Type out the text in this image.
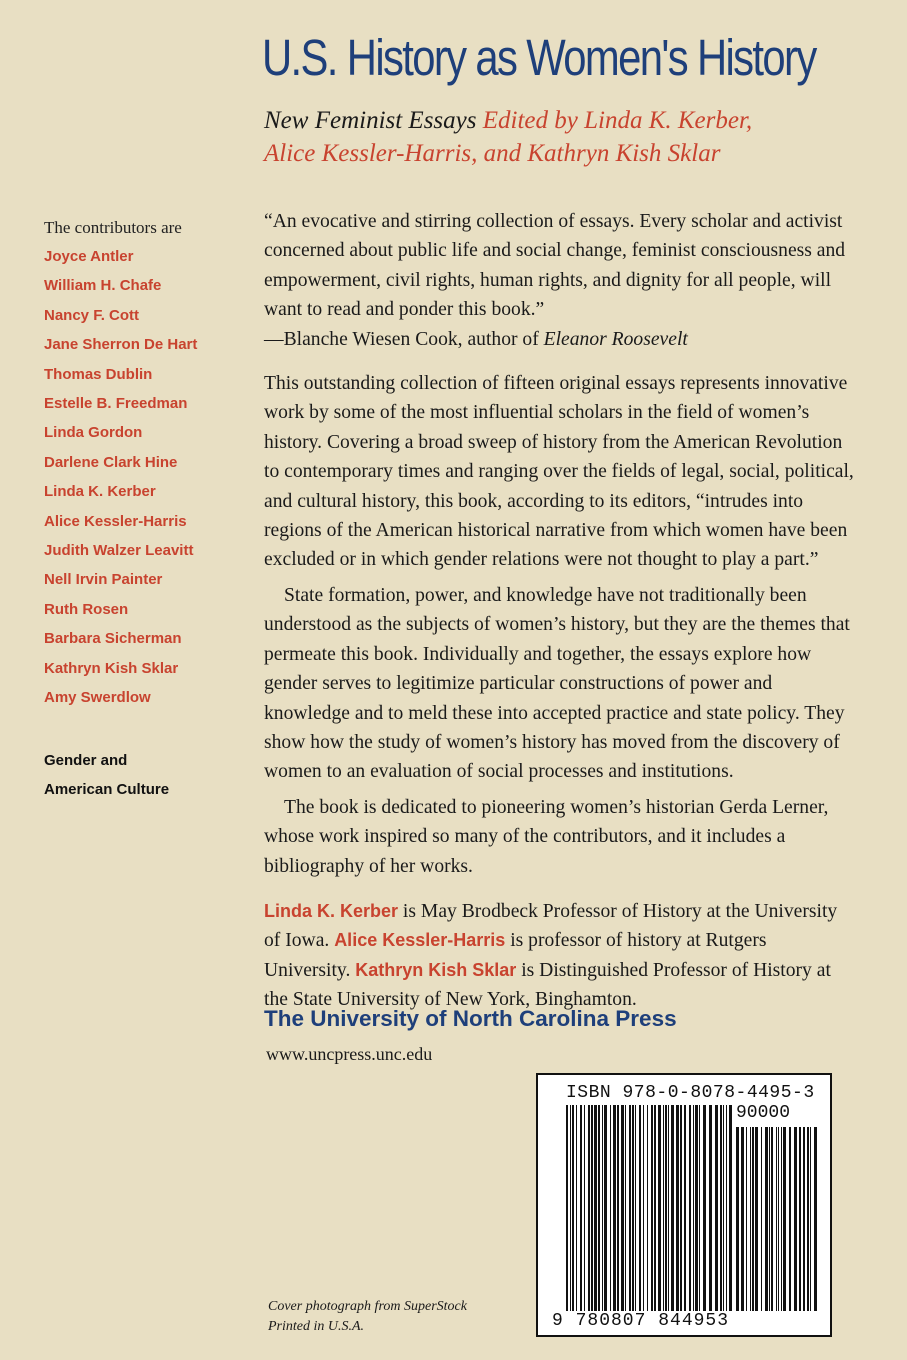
U.S. History as Women's History
New Feminist Essays Edited by Linda K. Kerber,
Alice Kessler-Harris, and Kathryn Kish Sklar
The contributors are
Joyce Antler
William H. Chafe
Nancy F. Cott
Jane Sherron De Hart
Thomas Dublin
Estelle B. Freedman
Linda Gordon
Darlene Clark Hine
Linda K. Kerber
Alice Kessler-Harris
Judith Walzer Leavitt
Nell Irvin Painter
Ruth Rosen
Barbara Sicherman
Kathryn Kish Sklar
Amy Swerdlow
Gender and
American Culture

“An evocative and stirring collection of essays. Every scholar and activist concerned about public life and social change, feminist consciousness and empowerment, civil rights, human rights, and dignity for all people, will want to read and ponder this book.”

—Blanche Wiesen Cook, author of Eleanor Roosevelt

This outstanding collection of fifteen original essays represents innovative work by some of the most influential scholars in the field of women’s history. Covering a broad sweep of history from the American Revolution to contemporary times and ranging over the fields of legal, social, political, and cultural history, this book, according to its editors, “intrudes into regions of the American historical narrative from which women have been excluded or in which gender relations were not thought to play a part.”

State formation, power, and knowledge have not traditionally been understood as the subjects of women’s history, but they are the themes that permeate this book. Individually and together, the essays explore how gender serves to legitimize particular constructions of power and knowledge and to meld these into accepted practice and state policy. They show how the study of women’s history has moved from the discovery of women to an evaluation of social processes and institutions.

The book is dedicated to pioneering women’s historian Gerda Lerner, whose work inspired so many of the contributors, and it includes a bibliography of her works.

Linda K. Kerber is May Brodbeck Professor of History at the University of Iowa. Alice Kessler-Harris is professor of history at Rutgers University. Kathryn Kish Sklar is Distinguished Professor of History at the State University of New York, Binghamton.

The University of North Carolina Press
www.uncpress.unc.edu
ISBN 978-0-8078-4495-3
90000
9 780807 844953
Cover photograph from SuperStock
Printed in U.S.A.
